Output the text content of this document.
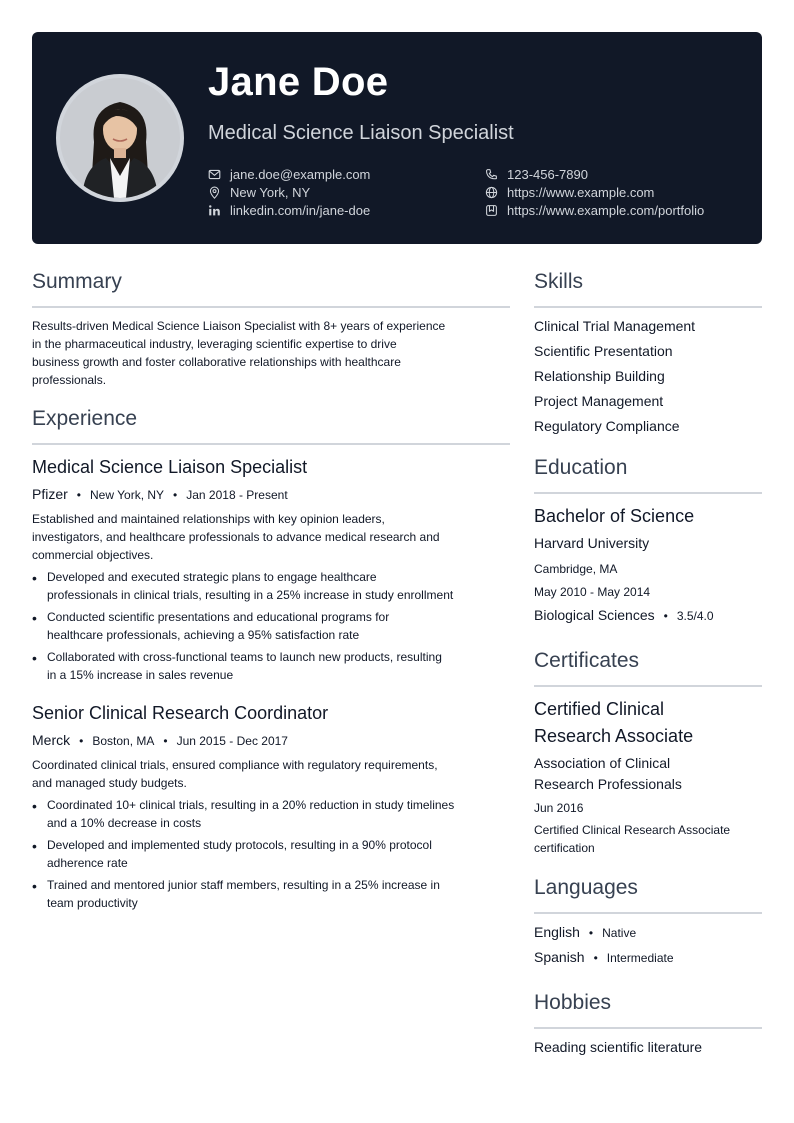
Jane Doe
Medical Science Liaison Specialist
jane.doe@example.com	123-456-7890
New York, NY	https://www.example.com
linkedin.com/in/jane-doe	https://www.example.com/portfolio
Summary
Results-driven Medical Science Liaison Specialist with 8+ years of experience
in the pharmaceutical industry, leveraging scientific expertise to drive
business growth and foster collaborative relationships with healthcare
professionals.
Experience
Medical Science Liaison Specialist
Pfizer • New York, NY • Jan 2018 - Present
Established and maintained relationships with key opinion leaders,
investigators, and healthcare professionals to advance medical research and
commercial objectives.
• Developed and executed strategic plans to engage healthcare
professionals in clinical trials, resulting in a 25% increase in study enrollment
• Conducted scientific presentations and educational programs for
healthcare professionals, achieving a 95% satisfaction rate
• Collaborated with cross-functional teams to launch new products, resulting
in a 15% increase in sales revenue
Senior Clinical Research Coordinator
Merck • Boston, MA • Jun 2015 - Dec 2017
Coordinated clinical trials, ensured compliance with regulatory requirements,
and managed study budgets.
• Coordinated 10+ clinical trials, resulting in a 20% reduction in study timelines
and a 10% decrease in costs
• Developed and implemented study protocols, resulting in a 90% protocol
adherence rate
• Trained and mentored junior staff members, resulting in a 25% increase in
team productivity
Skills
Clinical Trial Management
Scientific Presentation
Relationship Building
Project Management
Regulatory Compliance
Education
Bachelor of Science
Harvard University
Cambridge, MA
May 2010 - May 2014
Biological Sciences • 3.5/4.0
Certificates
Certified Clinical
Research Associate
Association of Clinical
Research Professionals
Jun 2016
Certified Clinical Research Associate
certification
Languages
English • Native
Spanish • Intermediate
Hobbies
Reading scientific literature
